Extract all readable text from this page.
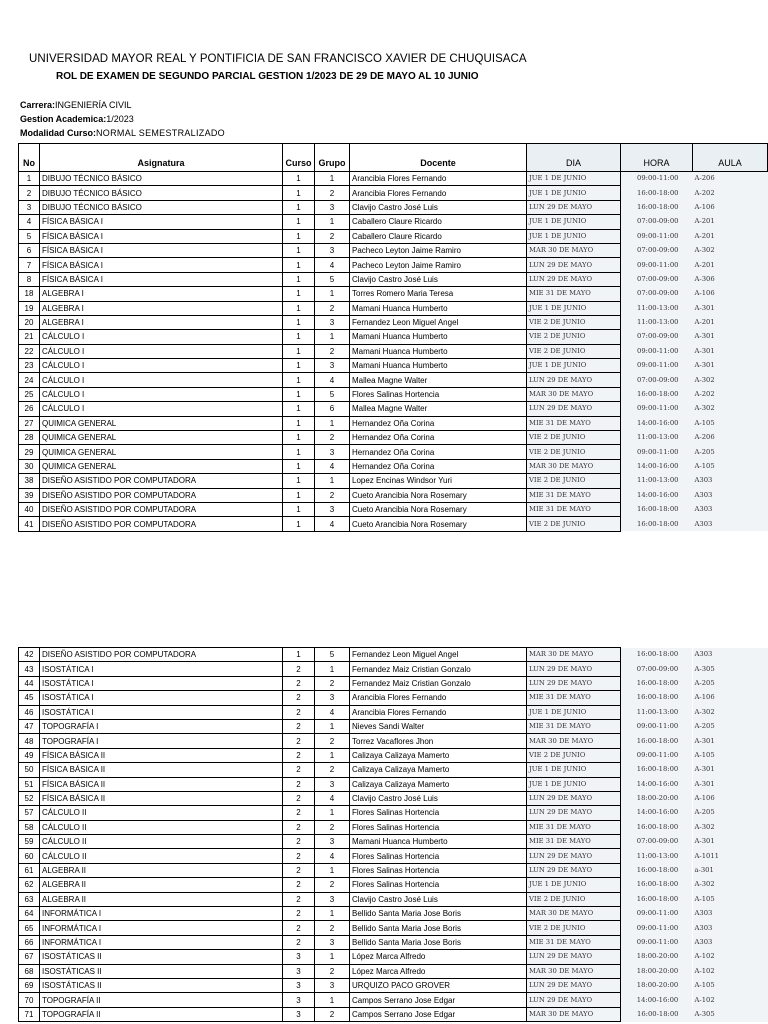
UNIVERSIDAD MAYOR REAL Y PONTIFICIA DE SAN FRANCISCO XAVIER DE CHUQUISACA
ROL DE EXAMEN DE SEGUNDO PARCIAL GESTION 1/2023 DE 29 DE MAYO AL 10 JUNIO
Carrera:INGENIERÍA CIVIL
Gestion Academica:1/2023
Modalidad Curso:NORMAL SEMESTRALIZADO
No	Asignatura	Curso	Grupo	Docente	DIA	HORA	AULA
1	DIBUJO TÉCNICO BÁSICO	1	1	Arancibia Flores Fernando	JUE 1 DE JUNIO	09:00-11:00	A-206
2	DIBUJO TÉCNICO BÁSICO	1	2	Arancibia Flores Fernando	JUE 1 DE JUNIO	16:00-18:00	A-202
3	DIBUJO TÉCNICO BÁSICO	1	3	Clavijo Castro José Luis	LUN 29 DE MAYO	16:00-18:00	A-106
4	FÍSICA BÁSICA I	1	1	Caballero Claure Ricardo	JUE 1 DE JUNIO	07:00-09:00	A-201
5	FÍSICA BÁSICA I	1	2	Caballero Claure Ricardo	JUE 1 DE JUNIO	09:00-11:00	A-201
6	FÍSICA BÁSICA I	1	3	Pacheco Leyton Jaime Ramiro	MAR 30 DE MAYO	07:00-09:00	A-302
7	FÍSICA BÁSICA I	1	4	Pacheco Leyton Jaime Ramiro	LUN 29 DE MAYO	09:00-11:00	A-201
8	FÍSICA BÁSICA I	1	5	Clavijo Castro José Luis	LUN 29 DE MAYO	07:00-09:00	A-306
18	ALGEBRA I	1	1	Torres Romero Maria Teresa	MIE 31 DE MAYO	07:00-09:00	A-106
19	ALGEBRA I	1	2	Mamani Huanca Humberto	JUE 1 DE JUNIO	11:00-13:00	A-301
20	ALGEBRA I	1	3	Fernandez Leon Miguel Angel	VIE 2 DE JUNIO	11:00-13:00	A-201
21	CÁLCULO I	1	1	Mamani Huanca Humberto	VIE 2 DE JUNIO	07:00-09:00	A-301
22	CÁLCULO I	1	2	Mamani Huanca Humberto	VIE 2 DE JUNIO	09:00-11:00	A-301
23	CÁLCULO I	1	3	Mamani Huanca Humberto	JUE 1 DE JUNIO	09:00-11:00	A-301
24	CÁLCULO I	1	4	Mallea Magne Walter	LUN 29 DE MAYO	07:00-09:00	A-302
25	CÁLCULO I	1	5	Flores Salinas Hortencia	MAR 30 DE MAYO	16:00-18:00	A-202
26	CÁLCULO I	1	6	Mallea Magne Walter	LUN 29 DE MAYO	09:00-11:00	A-302
27	QUIMICA GENERAL	1	1	Hernandez Oña Corina	MIE 31 DE MAYO	14:00-16:00	A-105
28	QUIMICA GENERAL	1	2	Hernandez Oña Corina	VIE 2 DE JUNIO	11:00-13:00	A-206
29	QUIMICA GENERAL	1	3	Hernandez Oña Corina	VIE 2 DE JUNIO	09:00-11:00	A-205
30	QUIMICA GENERAL	1	4	Hernandez Oña Corina	MAR 30 DE MAYO	14:00-16:00	A-105
38	DISEÑO ASISTIDO POR COMPUTADORA	1	1	Lopez Encinas Windsor Yuri	VIE 2 DE JUNIO	11:00-13:00	A303
39	DISEÑO ASISTIDO POR COMPUTADORA	1	2	Cueto Arancibia Nora Rosemary	MIE 31 DE MAYO	14:00-16:00	A303
40	DISEÑO ASISTIDO POR COMPUTADORA	1	3	Cueto Arancibia Nora Rosemary	MIE 31 DE MAYO	16:00-18:00	A303
41	DISEÑO ASISTIDO POR COMPUTADORA	1	4	Cueto Arancibia Nora Rosemary	VIE 2 DE JUNIO	16:00-18:00	A303
42	DISEÑO ASISTIDO POR COMPUTADORA	1	5	Fernandez Leon Miguel Angel	MAR 30 DE MAYO	16:00-18:00	A303
43	ISOSTÁTICA I	2	1	Fernandez Maiz Cristian Gonzalo	LUN 29 DE MAYO	07:00-09:00	A-305
44	ISOSTÁTICA I	2	2	Fernandez Maiz Cristian Gonzalo	LUN 29 DE MAYO	16:00-18:00	A-205
45	ISOSTÁTICA I	2	3	Arancibia Flores Fernando	MIE 31 DE MAYO	16:00-18:00	A-106
46	ISOSTÁTICA I	2	4	Arancibia Flores Fernando	JUE 1 DE JUNIO	11:00-13:00	A-302
47	TOPOGRAFÍA I	2	1	Nieves Sandi Walter	MIE 31 DE MAYO	09:00-11:00	A-205
48	TOPOGRAFÍA I	2	2	Torrez Vacaflores Jhon	MAR 30 DE MAYO	16:00-18:00	A-301
49	FÍSICA BÁSICA II	2	1	Calizaya Calizaya Mamerto	VIE 2 DE JUNIO	09:00-11:00	A-105
50	FÍSICA BÁSICA II	2	2	Calizaya Calizaya Mamerto	JUE 1 DE JUNIO	16:00-18:00	A-301
51	FÍSICA BÁSICA II	2	3	Calizaya Calizaya Mamerto	JUE 1 DE JUNIO	14:00-16:00	A-301
52	FÍSICA BÁSICA II	2	4	Clavijo Castro José Luis	LUN 29 DE MAYO	18:00-20:00	A-106
57	CÁLCULO II	2	1	Flores Salinas Hortencia	LUN 29 DE MAYO	14:00-16:00	A-205
58	CÁLCULO II	2	2	Flores Salinas Hortencia	MIE 31 DE MAYO	16:00-18:00	A-302
59	CÁLCULO II	2	3	Mamani Huanca Humberto	MIE 31 DE MAYO	07:00-09:00	A-301
60	CÁLCULO II	2	4	Flores Salinas Hortencia	LUN 29 DE MAYO	11:00-13:00	A-1011
61	ALGEBRA II	2	1	Flores Salinas Hortencia	LUN 29 DE MAYO	16:00-18:00	a-301
62	ALGEBRA II	2	2	Flores Salinas Hortencia	JUE 1 DE JUNIO	16:00-18:00	A-302
63	ALGEBRA II	2	3	Clavijo Castro José Luis	VIE 2 DE JUNIO	16:00-18:00	A-105
64	INFORMÁTICA I	2	1	Bellido Santa Maria Jose Boris	MAR 30 DE MAYO	09:00-11:00	A303
65	INFORMÁTICA I	2	2	Bellido Santa Maria Jose Boris	VIE 2 DE JUNIO	09:00-11:00	A303
66	INFORMÁTICA I	2	3	Bellido Santa Maria Jose Boris	MIE 31 DE MAYO	09:00-11:00	A303
67	ISOSTÁTICAS II	3	1	López Marca Alfredo	LUN 29 DE MAYO	18:00-20:00	A-102
68	ISOSTÁTICAS II	3	2	López Marca Alfredo	MAR 30 DE MAYO	18:00-20:00	A-102
69	ISOSTÁTICAS II	3	3	URQUIZO PACO GROVER	LUN 29 DE MAYO	18:00-20:00	A-105
70	TOPOGRAFÍA II	3	1	Campos Serrano Jose Edgar	LUN 29 DE MAYO	14:00-16:00	A-102
71	TOPOGRAFÍA II	3	2	Campos Serrano Jose Edgar	MAR 30 DE MAYO	16:00-18:00	A-305
